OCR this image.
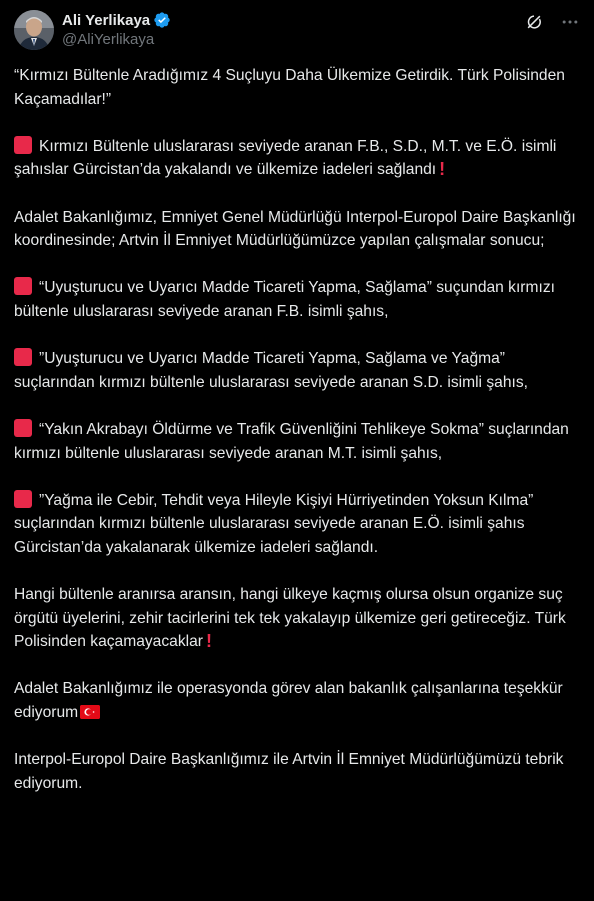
Ali Yerlikaya
@AliYerlikaya

“Kırmızı Bültenle Aradığımız 4 Suçluyu Daha Ülkemize Getirdik. Türk Polisinden Kaçamadılar!”

Kırmızı Bültenle uluslararası seviyede aranan F.B., S.D., M.T. ve E.Ö. isimli şahıslar Gürcistan’da yakalandı ve ülkemize iadeleri sağlandı !

Adalet Bakanlığımız, Emniyet Genel Müdürlüğü Interpol-Europol Daire Başkanlığı koordinesinde; Artvin İl Emniyet Müdürlüğümüzce yapılan çalışmalar sonucu;

“Uyuşturucu ve Uyarıcı Madde Ticareti Yapma, Sağlama” suçundan kırmızı bültenle uluslararası seviyede aranan F.B. isimli şahıs,

”Uyuşturucu ve Uyarıcı Madde Ticareti Yapma, Sağlama ve Yağma” suçlarından kırmızı bültenle uluslararası seviyede aranan S.D. isimli şahıs,

“Yakın Akrabayı Öldürme ve Trafik Güvenliğini Tehlikeye Sokma” suçlarından kırmızı bültenle uluslararası seviyede aranan M.T. isimli şahıs,

”Yağma ile Cebir, Tehdit veya Hileyle Kişiyi Hürriyetinden Yoksun Kılma” suçlarından kırmızı bültenle uluslararası seviyede aranan E.Ö. isimli şahıs Gürcistan’da yakalanarak ülkemize iadeleri sağlandı.

Hangi bültenle aranırsa aransın, hangi ülkeye kaçmış olursa olsun organize suç örgütü üyelerini, zehir tacirlerini tek tek yakalayıp ülkemize geri getireceğiz. Türk Polisinden kaçamayacaklar !

Adalet Bakanlığımız ile operasyonda görev alan bakanlık çalışanlarına teşekkür ediyorum

Interpol-Europol Daire Başkanlığımız ile Artvin İl Emniyet Müdürlüğümüzü tebrik ediyorum.
